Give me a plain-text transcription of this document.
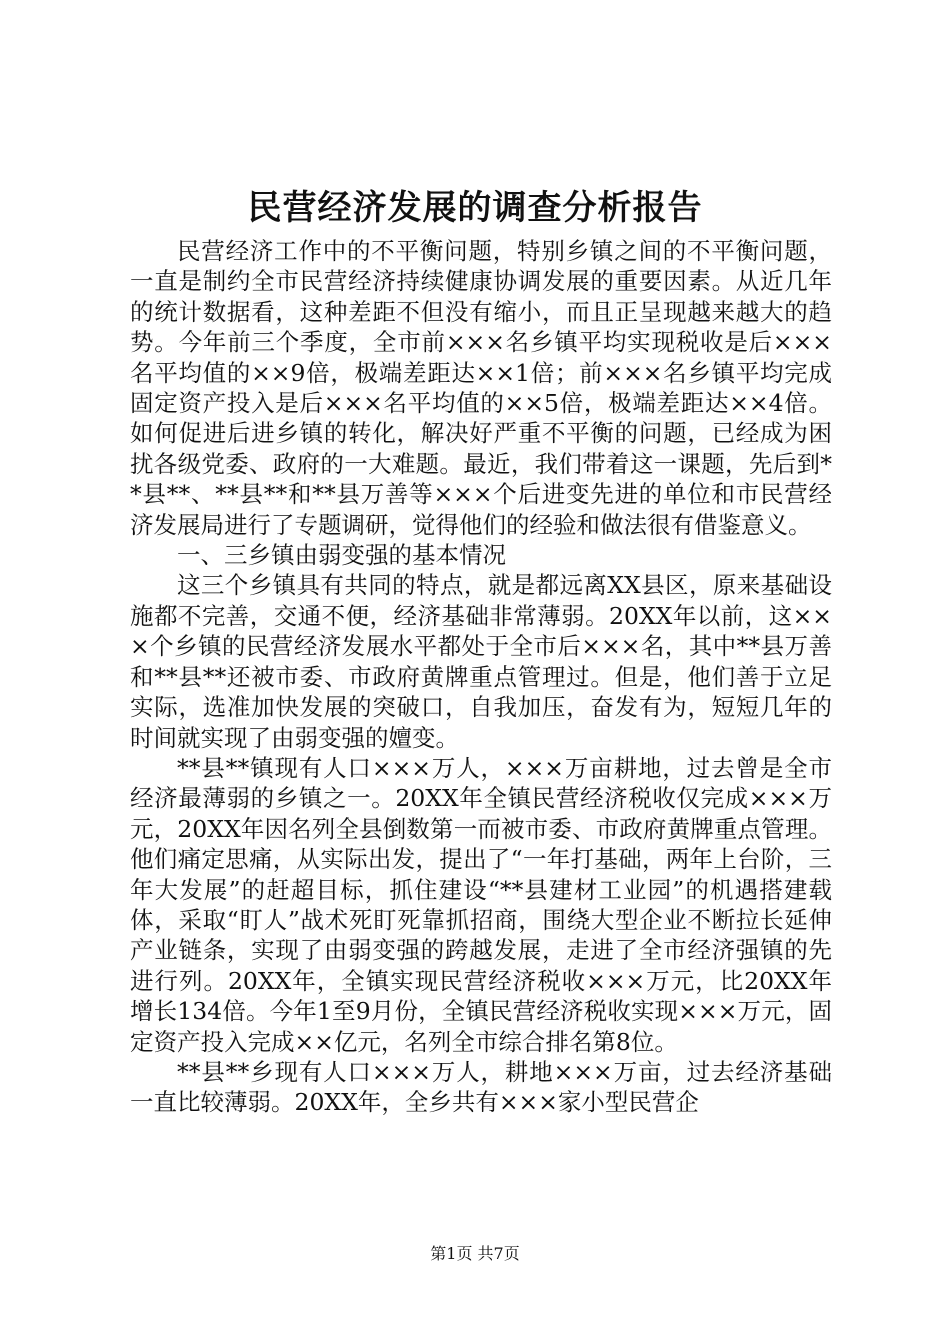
民营经济发展的调查分析报告

民营经济工作中的不平衡问题，特别乡镇之间的不平衡问题，一直是制约全市民营经济持续健康协调发展的重要因素。从近几年的统计数据看，这种差距不但没有缩小，而且正呈现越来越大的趋势。今年前三个季度，全市前×××名乡镇平均实现税收是后×××名平均值的××9倍，极端差距达××1倍；前×××名乡镇平均完成固定资产投入是后×××名平均值的××5倍，极端差距达××4倍。如何促进后进乡镇的转化，解决好严重不平衡的问题，已经成为困扰各级党委、政府的一大难题。最近，我们带着这一课题，先后到**县**、**县**和**县万善等×××个后进变先进的单位和市民营经济发展局进行了专题调研，觉得他们的经验和做法很有借鉴意义。

一、三乡镇由弱变强的基本情况

这三个乡镇具有共同的特点，就是都远离XX县区，原来基础设施都不完善，交通不便，经济基础非常薄弱。20XX年以前，这×××个乡镇的民营经济发展水平都处于全市后×××名，其中**县万善和**县**还被市委、市政府黄牌重点管理过。但是，他们善于立足实际，选准加快发展的突破口，自我加压，奋发有为，短短几年的时间就实现了由弱变强的嬗变。

**县**镇现有人口×××万人，×××万亩耕地，过去曾是全市经济最薄弱的乡镇之一。20XX年全镇民营经济税收仅完成×××万元，20XX年因名列全县倒数第一而被市委、市政府黄牌重点管理。他们痛定思痛，从实际出发，提出了“一年打基础，两年上台阶，三年大发展”的赶超目标，抓住建设“**县建材工业园”的机遇搭建载体，采取“盯人”战术死盯死靠抓招商，围绕大型企业不断拉长延伸产业链条，实现了由弱变强的跨越发展，走进了全市经济强镇的先进行列。20XX年，全镇实现民营经济税收×××万元，比20XX年增长134倍。今年1至9月份，全镇民营经济税收实现×××万元，固定资产投入完成××亿元，名列全市综合排名第8位。

**县**乡现有人口×××万人，耕地×××万亩，过去经济基础一直比较薄弱。20XX年，全乡共有×××家小型民营企

第1页 共7页
